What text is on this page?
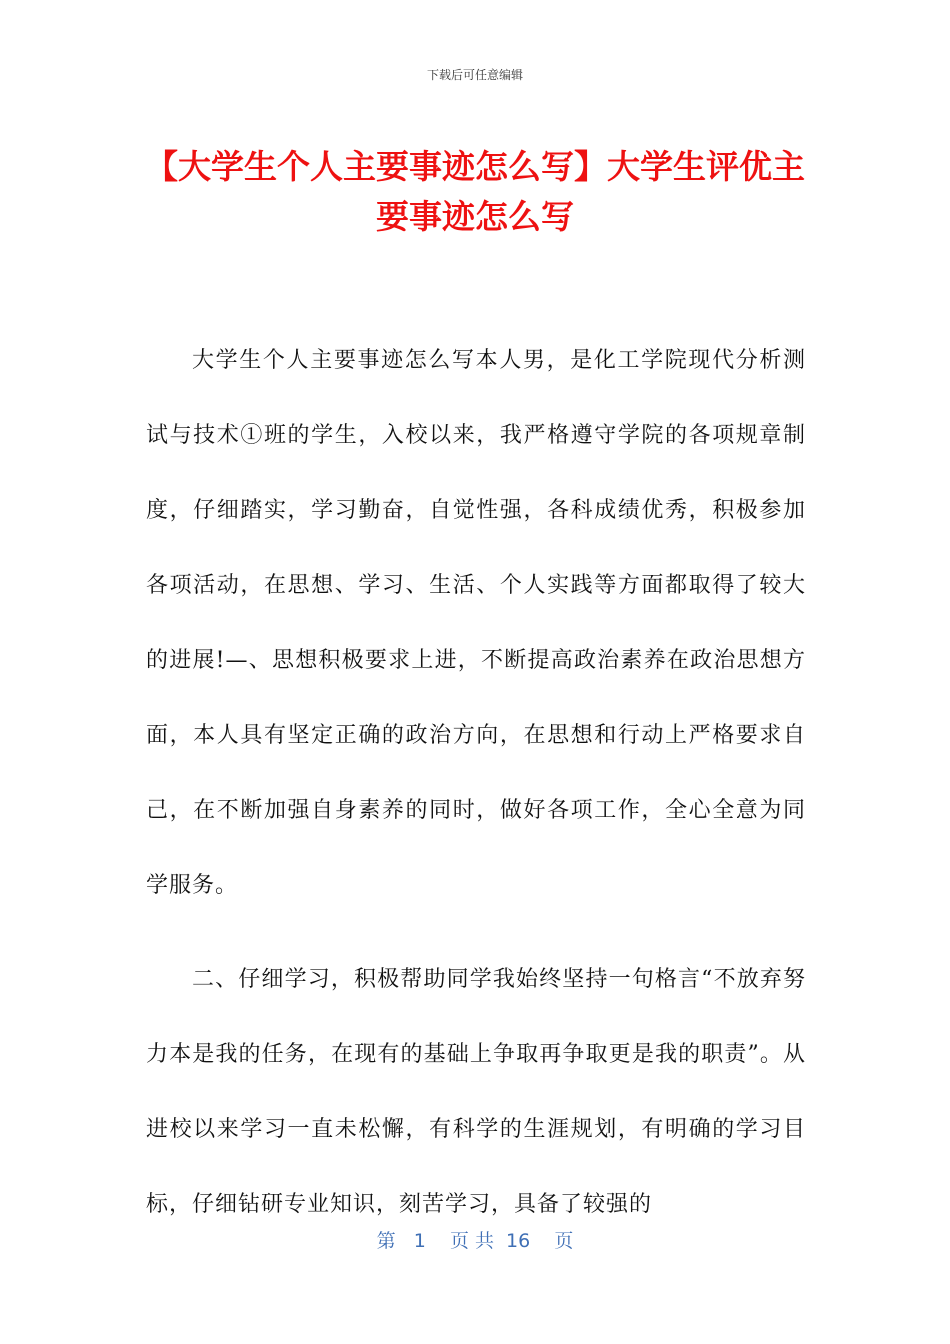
下载后可任意编辑
【大学生个人主要事迹怎么写】大学生评优主要事迹怎么写

大学生个人主要事迹怎么写本人男，是化工学院现代分析测试与技术①班的学生，入校以来，我严格遵守学院的各项规章制度，仔细踏实，学习勤奋，自觉性强，各科成绩优秀，积极参加各项活动，在思想、学习、生活、个人实践等方面都取得了较大的进展!—、思想积极要求上进，不断提高政治素养在政治思想方面，本人具有坚定正确的政治方向，在思想和行动上严格要求自己，在不断加强自身素养的同时，做好各项工作，全心全意为同学服务。

二、仔细学习，积极帮助同学我始终坚持一句格言“不放弃努力本是我的任务，在现有的基础上争取再争取更是我的职责”。从进校以来学习一直未松懈，有科学的生涯规划，有明确的学习目标，仔细钻研专业知识，刻苦学习，具备了较强的

第   1    页 共  16    页
